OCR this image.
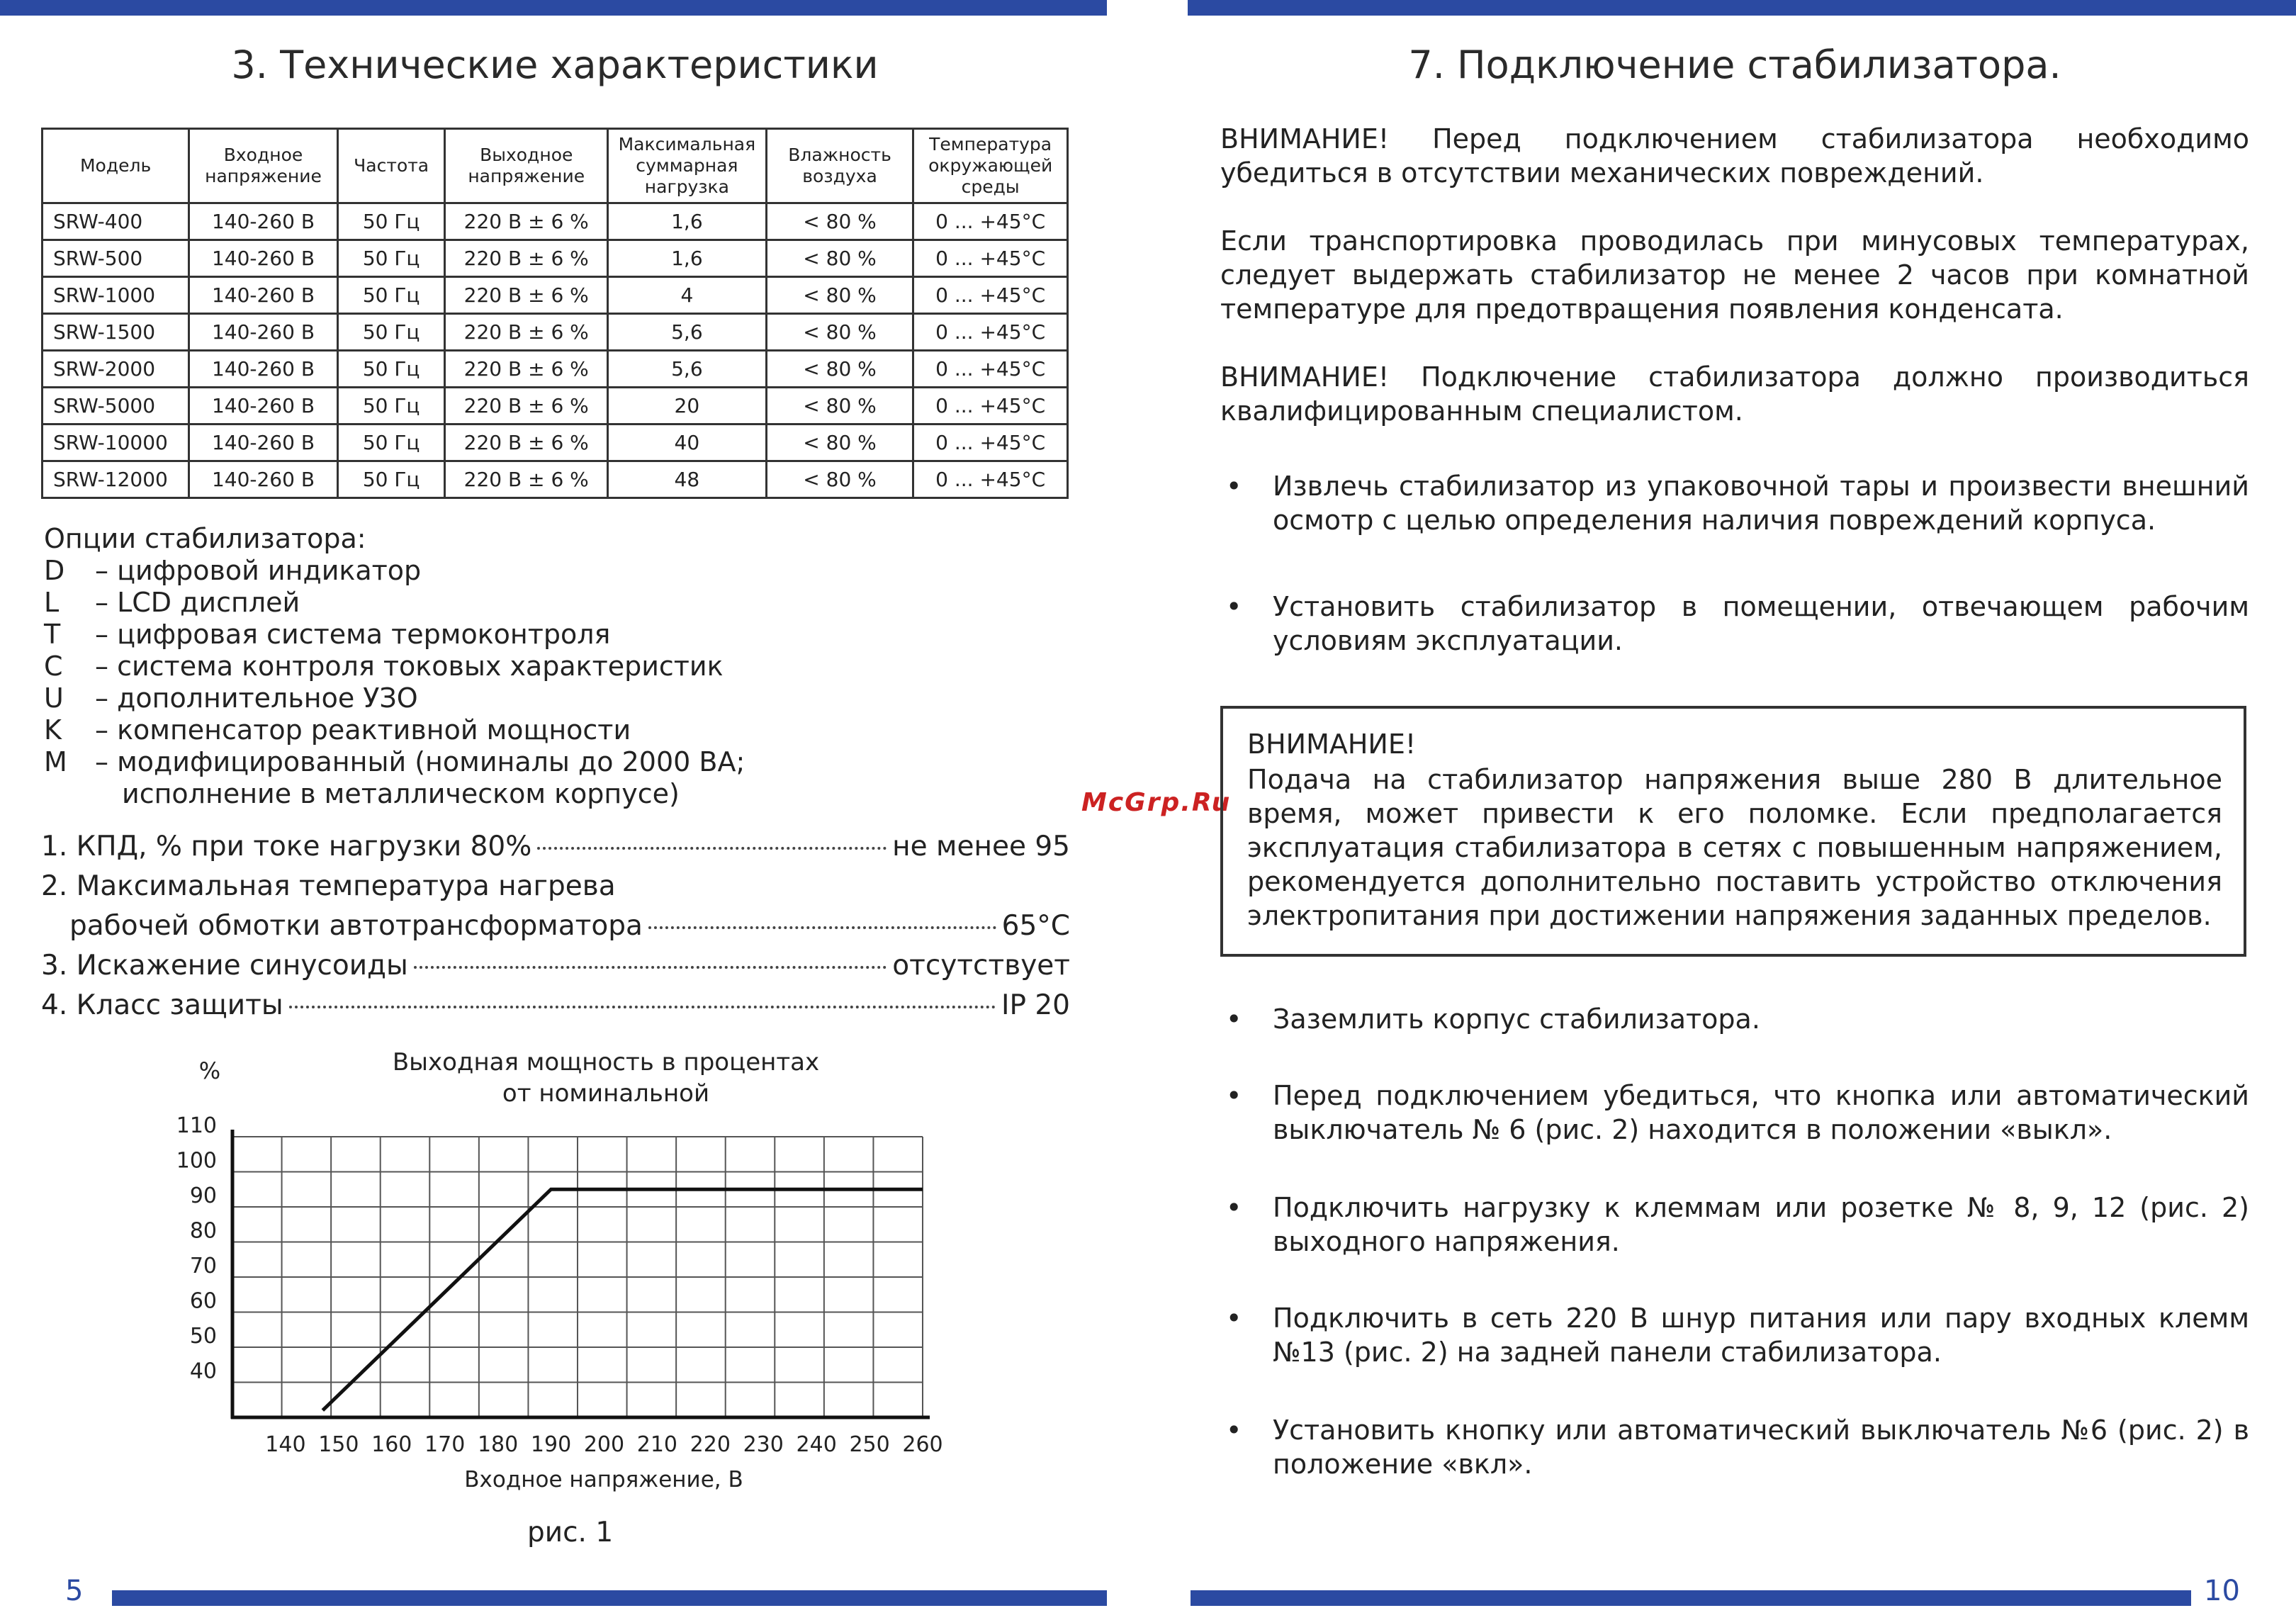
5	10
3. Технические характеристики
Модель	Входное напряжение	Частота	Выходное напряжение	Максимальная суммарная нагрузка	Влажность воздуха	Температура окружающей среды
SRW-400	140-260 В	50 Гц	220 В ± 6 %	1,6	< 80 %	0 ... +45°C
SRW-500	140-260 В	50 Гц	220 В ± 6 %	1,6	< 80 %	0 ... +45°C
SRW-1000	140-260 В	50 Гц	220 В ± 6 %	4	< 80 %	0 ... +45°C
SRW-1500	140-260 В	50 Гц	220 В ± 6 %	5,6	< 80 %	0 ... +45°C
SRW-2000	140-260 В	50 Гц	220 В ± 6 %	5,6	< 80 %	0 ... +45°C
SRW-5000	140-260 В	50 Гц	220 В ± 6 %	20	< 80 %	0 ... +45°C
SRW-10000	140-260 В	50 Гц	220 В ± 6 %	40	< 80 %	0 ... +45°C
SRW-12000	140-260 В	50 Гц	220 В ± 6 %	48	< 80 %	0 ... +45°C
Опции стабилизатора:
D	– цифровой индикатор
L	– LCD дисплей
T	– цифровая система термоконтроля
C	– система контроля токовых характеристик
U	– дополнительное УЗО
K	– компенсатор реактивной мощности
M	– модифицированный (номиналы до 2000 ВА;
исполнение в металлическом корпусе)
1. КПД, % при токе нагрузки 80%	не менее 95
2. Максимальная температура нагрева
рабочей обмотки автотрансформатора	65°C
3. Искажение синусоиды	отсутствует
4. Класс защиты	IP 20
Выходная мощность в процентах
от номинальной
%
Входное напряжение, В
140 150 160 170 180 190 200 210 220 230 240 250 260
40
50
60
70
80
90
100
110
рис. 1
McGrp.Ru
7. Подключение стабилизатора.
ВНИМАНИЕ! Перед подключением стабилизатора необходимо убедиться в отсутствии механических повреждений.
Если транспортировка проводилась при минусовых температурах, следует выдержать стабилизатор не менее 2 часов при комнатной температуре для предотвращения появления конденсата.
ВНИМАНИЕ! Подключение стабилизатора должно производиться квалифицированным специалистом.
• Извлечь стабилизатор из упаковочной тары и произвести внешний осмотр с целью определения наличия повреждений корпуса.
• Установить стабилизатор в помещении, отвечающем рабочим условиям эксплуатации.
ВНИМАНИЕ!
Подача на стабилизатор напряжения выше 280 В длительное время, может привести к его поломке. Если предполагается эксплуатация стабилизатора в сетях с повышенным напряжением, рекомендуется дополнительно поставить устройство отключения электропитания при достижении напряжения заданных пределов.
• Заземлить корпус стабилизатора.
• Перед подключением убедиться, что кнопка или автоматический выключатель № 6 (рис. 2) находится в положении «выкл».
• Подключить нагрузку к клеммам или розетке № 8, 9, 12 (рис. 2) выходного напряжения.
• Подключить в сеть 220 В шнур питания или пару входных клемм №13 (рис. 2) на задней панели стабилизатора.
• Установить кнопку или автоматический выключатель №6 (рис. 2) в положение «вкл».
